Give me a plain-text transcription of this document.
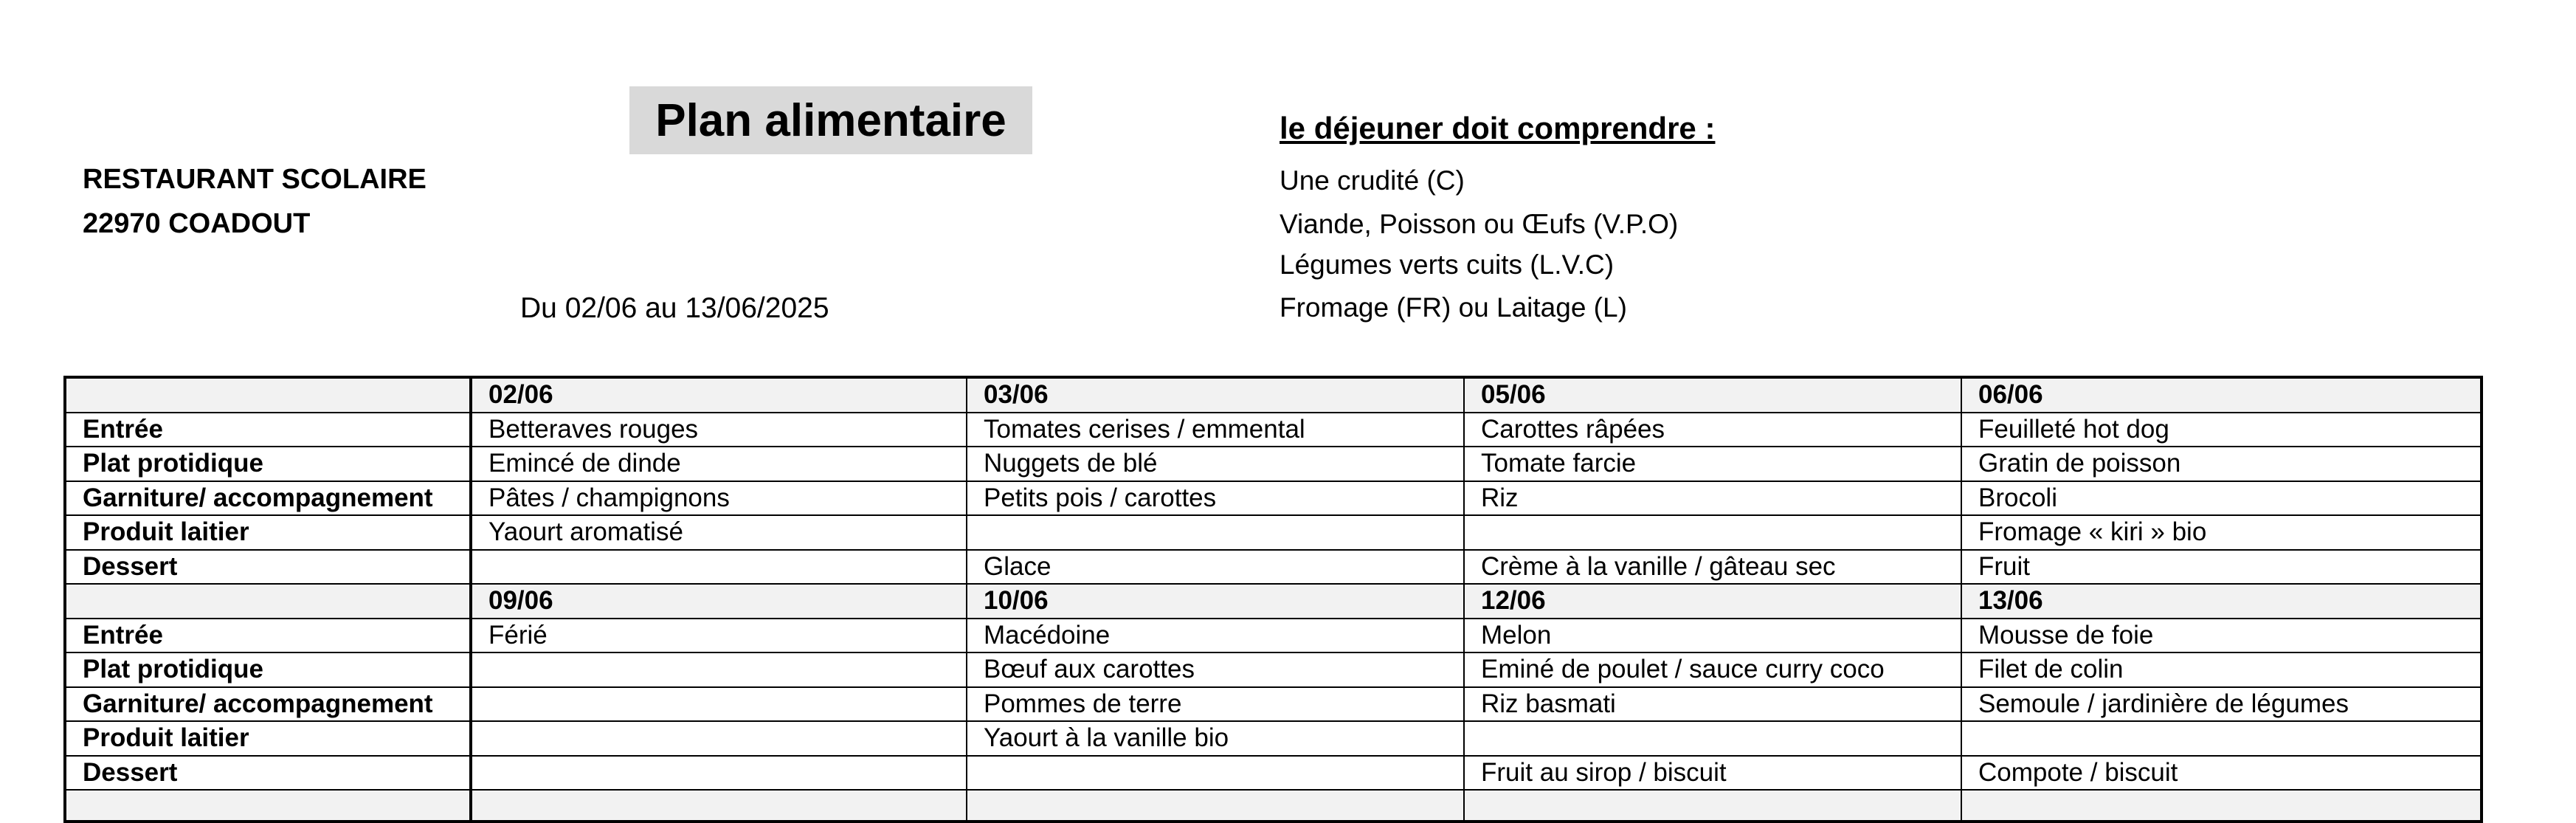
Plan alimentaire
RESTAURANT SCOLAIRE
22970 COADOUT
Du 02/06 au 13/06/2025
le déjeuner doit comprendre :
Une crudité (C)
Viande, Poisson ou Œufs (V.P.O)
Légumes verts cuits (L.V.C)
Fromage (FR) ou Laitage (L)
	02/06	03/06	05/06	06/06
Entrée	Betteraves rouges	Tomates cerises / emmental	Carottes râpées	Feuilleté hot dog
Plat protidique	Emincé de dinde	Nuggets de blé	Tomate farcie	Gratin de poisson
Garniture/ accompagnement	Pâtes / champignons	Petits pois / carottes	Riz	Brocoli
Produit laitier	Yaourt aromatisé			Fromage « kiri » bio
Dessert		Glace	Crème à la vanille / gâteau sec	Fruit
	09/06	10/06	12/06	13/06
Entrée	Férié	Macédoine	Melon	Mousse de foie
Plat protidique		Bœuf aux carottes	Eminé de poulet / sauce curry coco	Filet de colin
Garniture/ accompagnement		Pommes de terre	Riz basmati	Semoule / jardinière de légumes
Produit laitier		Yaourt à la vanille bio		
Dessert			Fruit au sirop / biscuit	Compote / biscuit
